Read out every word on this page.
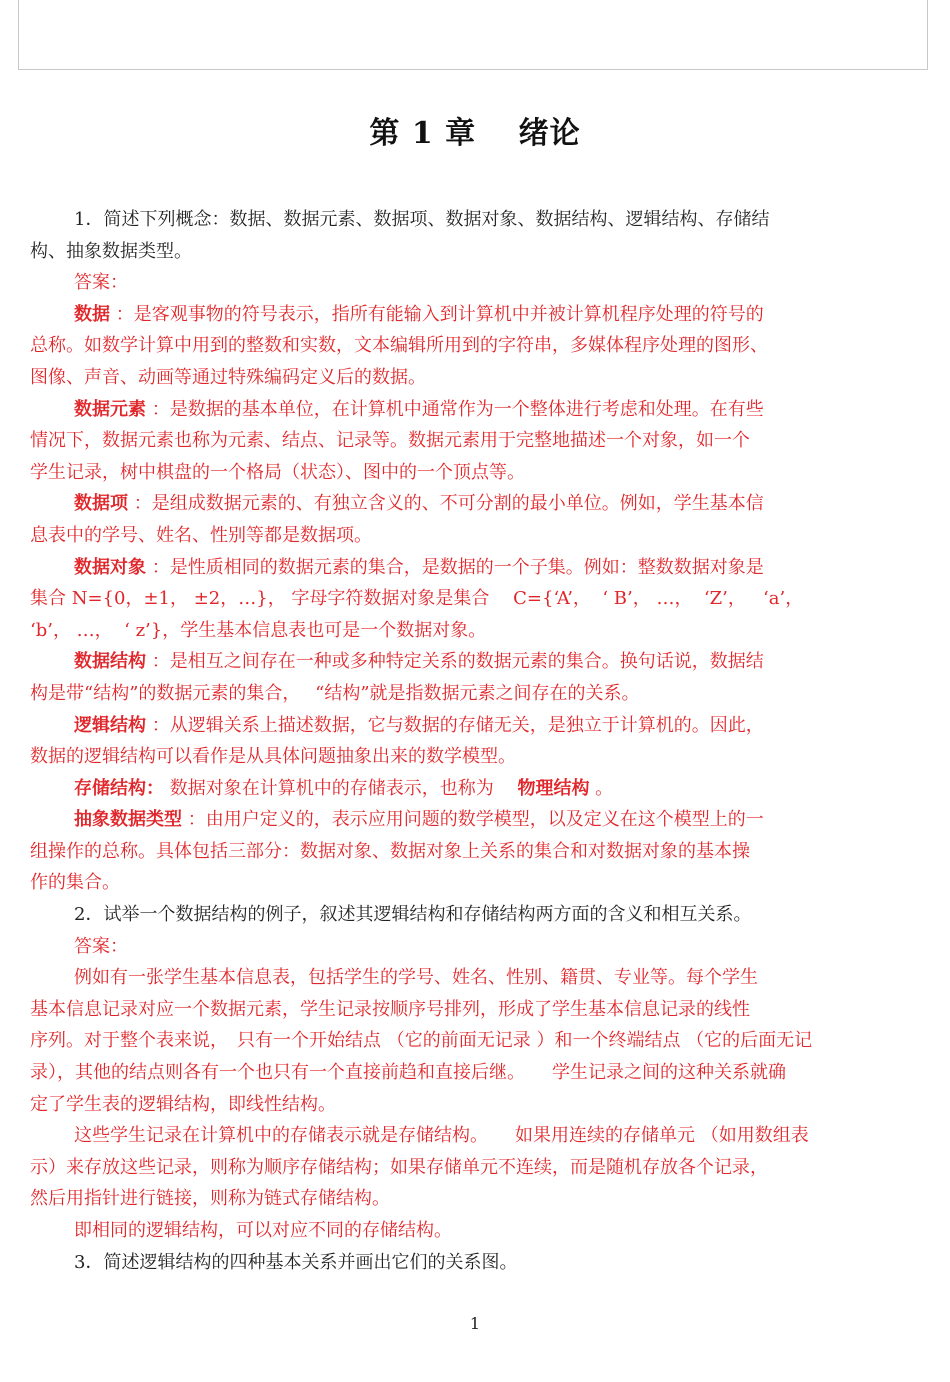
第 1 章　 绪论

1．简述下列概念：数据、数据元素、数据项、数据对象、数据结构、逻辑结构、存储结

构、抽象数据类型。

答案：

数据 ：是客观事物的符号表示，指所有能输入到计算机中并被计算机程序处理的符号的

总称。如数学计算中用到的整数和实数，文本编辑所用到的字符串，多媒体程序处理的图形、

图像、声音、动画等通过特殊编码定义后的数据。

数据元素 ：是数据的基本单位，在计算机中通常作为一个整体进行考虑和处理。在有些

情况下，数据元素也称为元素、结点、记录等。数据元素用于完整地描述一个对象，如一个

学生记录，树中棋盘的一个格局（状态）、图中的一个顶点等。

数据项 ：是组成数据元素的、有独立含义的、不可分割的最小单位。例如，学生基本信

息表中的学号、姓名、性别等都是数据项。

数据对象 ：是性质相同的数据元素的集合，是数据的一个子集。例如：整数数据对象是

集合 N={0，±1， ±2，…}， 字母字符数据对象是集合　 C={‘A’，  ‘ B’， …，  ‘Z’，   ‘a’，

‘b’， …，  ‘ z’}，学生基本信息表也可是一个数据对象。

数据结构 ：是相互之间存在一种或多种特定关系的数据元素的集合。换句话说，数据结

构是带“结构”的数据元素的集合，　 “结构”就是指数据元素之间存在的关系。

逻辑结构 ：从逻辑关系上描述数据，它与数据的存储无关，是独立于计算机的。因此，

数据的逻辑结构可以看作是从具体问题抽象出来的数学模型。

存储结构： 数据对象在计算机中的存储表示，也称为　 物理结构 。

抽象数据类型 ：由用户定义的，表示应用问题的数学模型，以及定义在这个模型上的一

组操作的总称。具体包括三部分：数据对象、数据对象上关系的集合和对数据对象的基本操

作的集合。

2．试举一个数据结构的例子，叙述其逻辑结构和存储结构两方面的含义和相互关系。

答案：

例如有一张学生基本信息表，包括学生的学号、姓名、性别、籍贯、专业等。每个学生

基本信息记录对应一个数据元素，学生记录按顺序号排列，形成了学生基本信息记录的线性

序列。对于整个表来说，　只有一个开始结点 （它的前面无记录 ）和一个终端结点 （它的后面无记

录），其他的结点则各有一个也只有一个直接前趋和直接后继。　　学生记录之间的这种关系就确

定了学生表的逻辑结构，即线性结构。

这些学生记录在计算机中的存储表示就是存储结构。　　如果用连续的存储单元 （如用数组表

示）来存放这些记录，则称为顺序存储结构；如果存储单元不连续，而是随机存放各个记录，

然后用指针进行链接，则称为链式存储结构。

即相同的逻辑结构，可以对应不同的存储结构。

3．简述逻辑结构的四种基本关系并画出它们的关系图。

1
